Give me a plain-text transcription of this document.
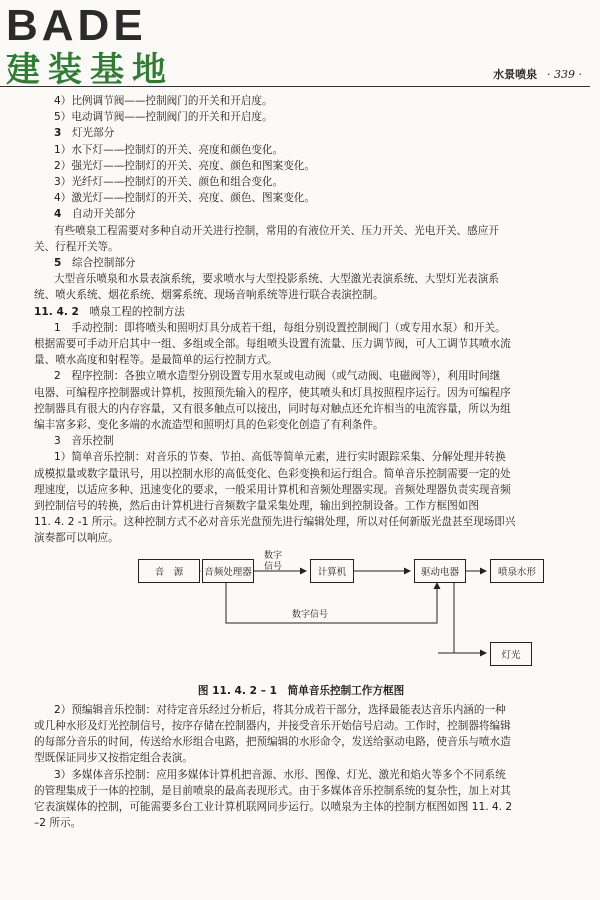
BADE
建装基地	水景喷泉 · 339 ·
4）比例调节阀——控制阀门的开关和开启度。
5）电动调节阀——控制阀门的开关和开启度。
3　 灯光部分
1）水下灯——控制灯的开关、亮度和颜色变化。
2）强光灯——控制灯的开关、亮度、颜色和图案变化。
3）光纤灯——控制灯的开关、颜色和组合变化。
4）激光灯——控制灯的开关、亮度、颜色、图案变化。
4　 自动开关部分
有些喷泉工程需要对多种自动开关进行控制，常用的有液位开关、压力开关、光电开关、感应开
关、行程开关等。
5　 综合控制部分
大型音乐喷泉和水景表演系统，要求喷水与大型投影系统、大型激光表演系统、大型灯光表演系
统、喷火系统、烟花系统、烟雾系统、现场音响系统等进行联合表演控制。
11. 4. 2　 喷泉工程的控制方法
1　手动控制：即将喷头和照明灯具分成若干组，每组分别设置控制阀门（或专用水泵）和开关。
根据需要可手动开启其中一组、多组或全部。每组喷头设置有流量、压力调节阀，可人工调节其喷水流
量、喷水高度和射程等。是最简单的运行控制方式。
2　程序控制：各独立喷水造型分别设置专用水泵或电动阀（或气动阀、电磁阀等），利用时间继
电器、可编程序控制器或计算机，按照预先输入的程序，使其喷头和灯具按照程序运行。因为可编程序
控制器具有很大的内存容量，又有很多触点可以接出，同时每对触点还允许相当的电流容量，所以为组
编丰富多彩、变化多端的水流造型和照明灯具的色彩变化创造了有利条件。
3　音乐控制
1）简单音乐控制：对音乐的节奏、节拍、高低等简单元素，进行实时跟踪采集、分解处理并转换
成模拟量或数字量讯号，用以控制水形的高低变化、色彩变换和运行组合。简单音乐控制需要一定的处
理速度，以适应多种、迅速变化的要求，一般采用计算机和音频处理器实现。音频处理器负责实现音频
到控制信号的转换，然后由计算机进行音频数字量采集处理，输出到控制设备。工作方框图如图
11. 4. 2 -1 所示。这种控制方式不必对音乐光盘预先进行编辑处理，所以对任何新版光盘甚至现场即兴
演奏都可以响应。
音　源	音频处理器
数字
信号	计算机	驱动电器	喷泉水形
数字信号
灯光
图 11. 4. 2 – 1　简单音乐控制工作方框图
2）预编辑音乐控制：对待定音乐经过分析后，将其分成若干部分，选择最能表达音乐内涵的一种
或几种水形及灯光控制信号，按序存储在控制器内，并接受音乐开始信号启动。工作时，控制器将编辑
的每部分音乐的时间，传送给水形组合电路，把预编辑的水形命令，发送给驱动电路，使音乐与喷水造
型既保证同步又按指定组合表演。
3）多媒体音乐控制：应用多媒体计算机把音源、水形、图像、灯光、激光和焰火等多个不同系统
的管理集成于一体的控制，是目前喷泉的最高表现形式。由于多媒体音乐控制系统的复杂性，加上对其
它表演媒体的控制，可能需要多台工业计算机联网同步运行。以喷泉为主体的控制方框图如图 11. 4. 2
–2 所示。
